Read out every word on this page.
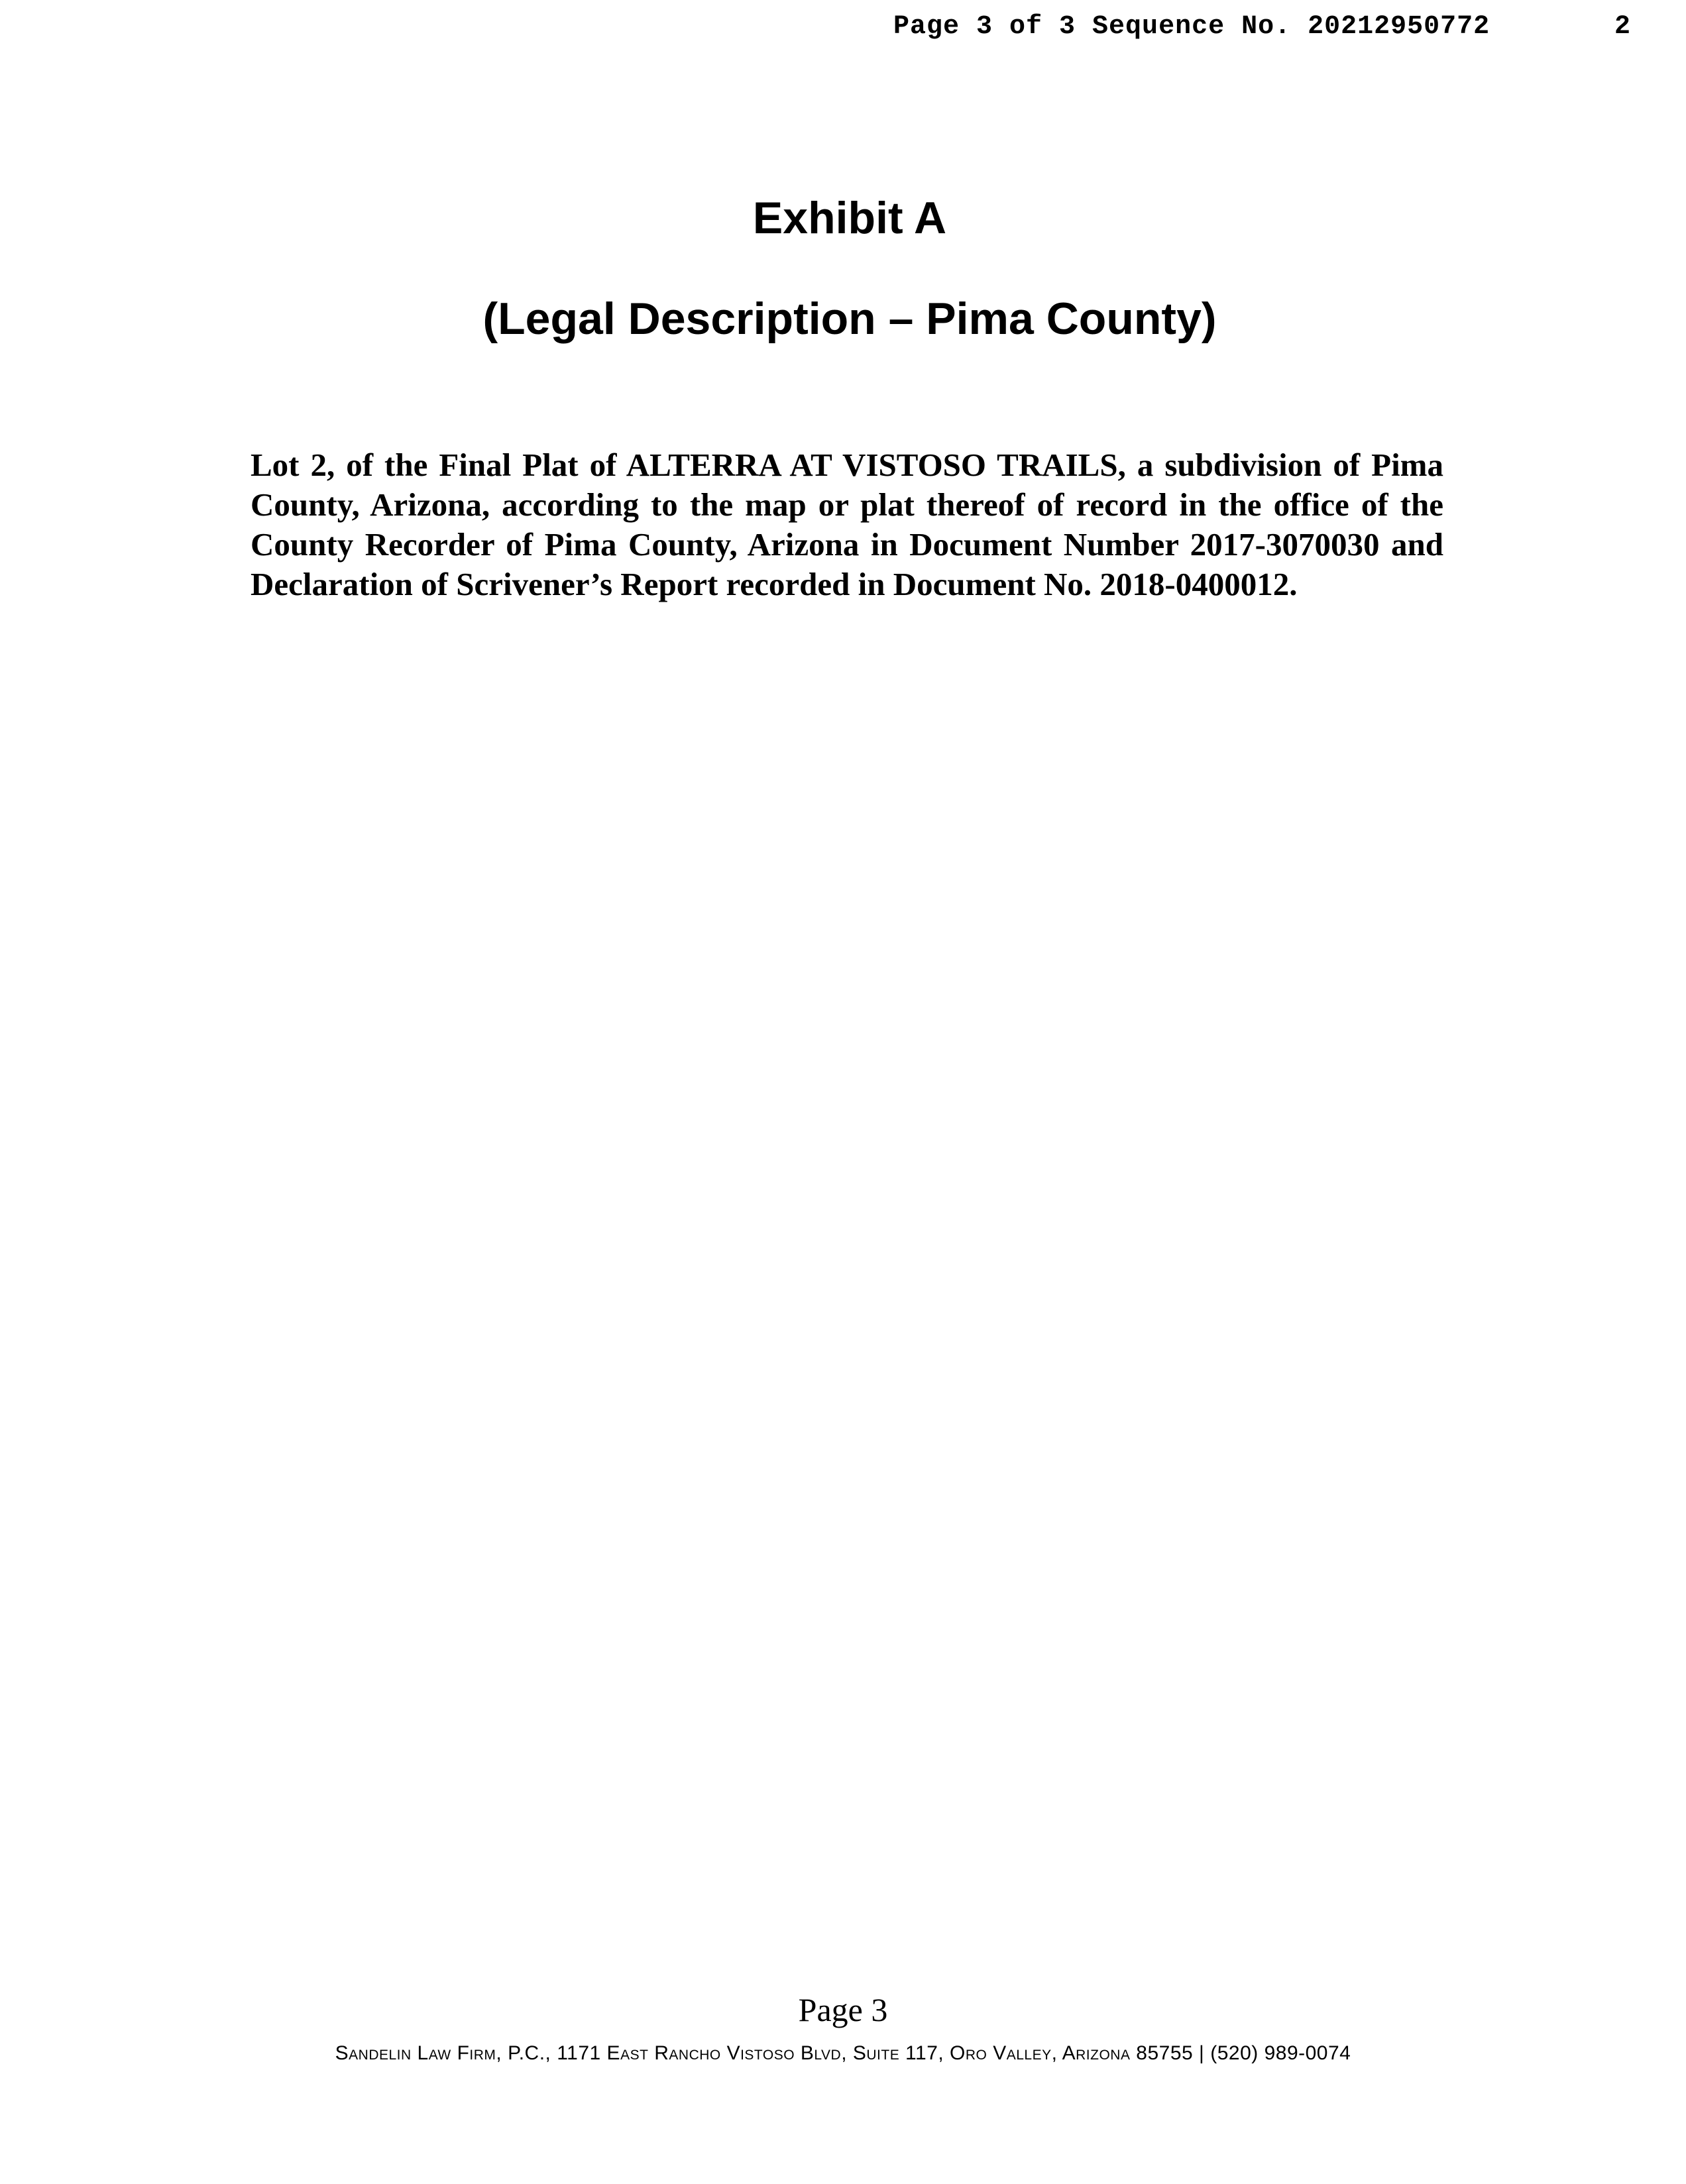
Page 3 of 3 Sequence No. 20212950772	2
Exhibit A
(Legal Description – Pima County)

Lot 2, of the Final Plat of ALTERRA AT VISTOSO TRAILS, a subdivision of Pima County, Arizona, according to the map or plat thereof of record in the office of the County Recorder of Pima County, Arizona in Document Number 2017-3070030 and Declaration of Scrivener’s Report recorded in Document No. 2018-0400012.

Page 3
Sandelin Law Firm, P.C., 1171 East Rancho Vistoso Blvd, Suite 117, Oro Valley, Arizona 85755 | (520) 989-0074
